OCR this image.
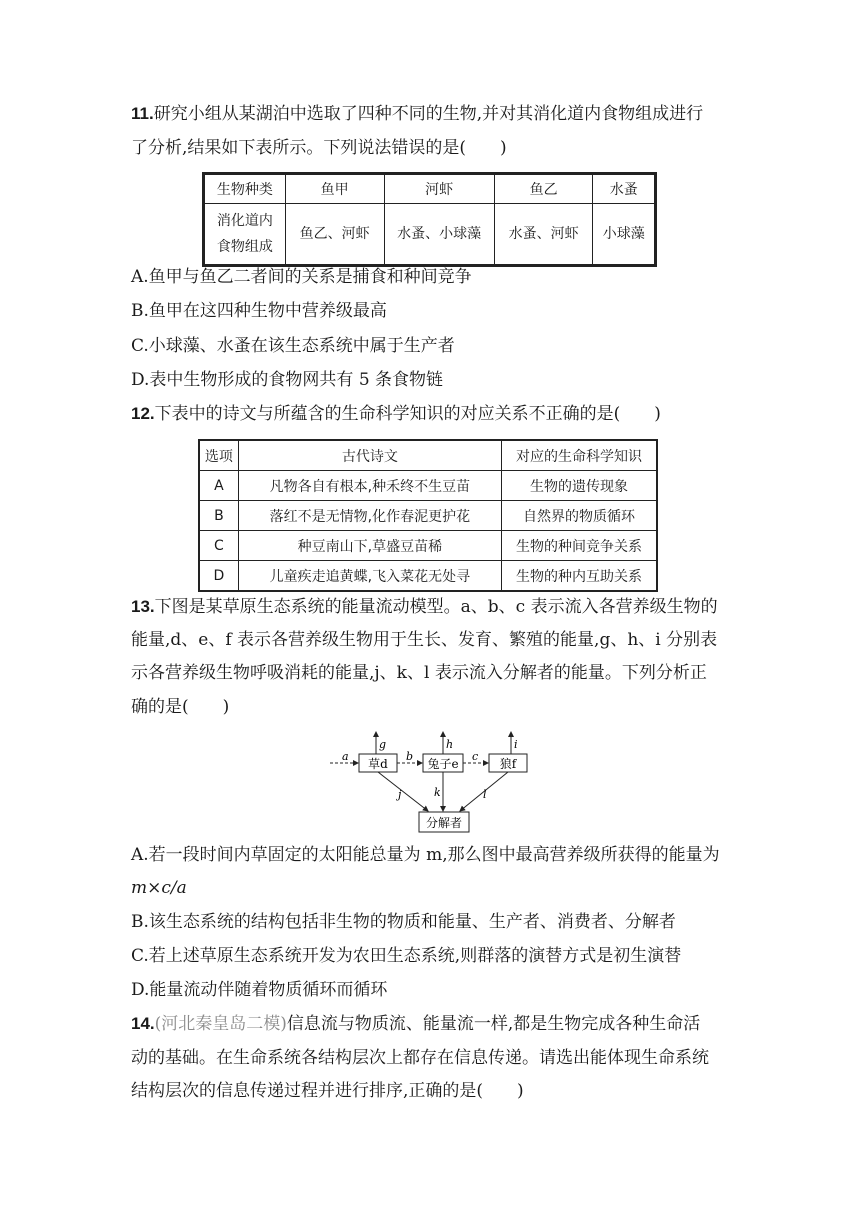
11.研究小组从某湖泊中选取了四种不同的生物,并对其消化道内食物组成进行
了分析,结果如下表所示。下列说法错误的是(　　)
生物种类	鱼甲	河虾	鱼乙	水蚤
消化道内
食物组成	鱼乙、河虾	水蚤、小球藻	水蚤、河虾	小球藻
A.鱼甲与鱼乙二者间的关系是捕食和种间竞争
B.鱼甲在这四种生物中营养级最高
C.小球藻、水蚤在该生态系统中属于生产者
D.表中生物形成的食物网共有 5 条食物链
12.下表中的诗文与所蕴含的生命科学知识的对应关系不正确的是(　　)
选项	古代诗文	对应的生命科学知识
A	凡物各自有根本,种禾终不生豆苗	生物的遗传现象
B	落红不是无情物,化作春泥更护花	自然界的物质循环
C	种豆南山下,草盛豆苗稀	生物的种间竞争关系
D	儿童疾走追黄蝶,飞入菜花无处寻	生物的种内互助关系
13.下图是某草原生态系统的能量流动模型。a、b、c 表示流入各营养级生物的
能量,d、e、f 表示各营养级生物用于生长、发育、繁殖的能量,g、h、i 分别表
示各营养级生物呼吸消耗的能量,j、k、l 表示流入分解者的能量。下列分析正
确的是(　　)
草d	兔子e	狼f
分解者
a	b	c
g	h	i
j	k	l
A.若一段时间内草固定的太阳能总量为 m,那么图中最高营养级所获得的能量为
m×c/a
B.该生态系统的结构包括非生物的物质和能量、生产者、消费者、分解者
C.若上述草原生态系统开发为农田生态系统,则群落的演替方式是初生演替
D.能量流动伴随着物质循环而循环
14.(河北秦皇岛二模)信息流与物质流、能量流一样,都是生物完成各种生命活
动的基础。在生命系统各结构层次上都存在信息传递。请选出能体现生命系统
结构层次的信息传递过程并进行排序,正确的是(　　)
